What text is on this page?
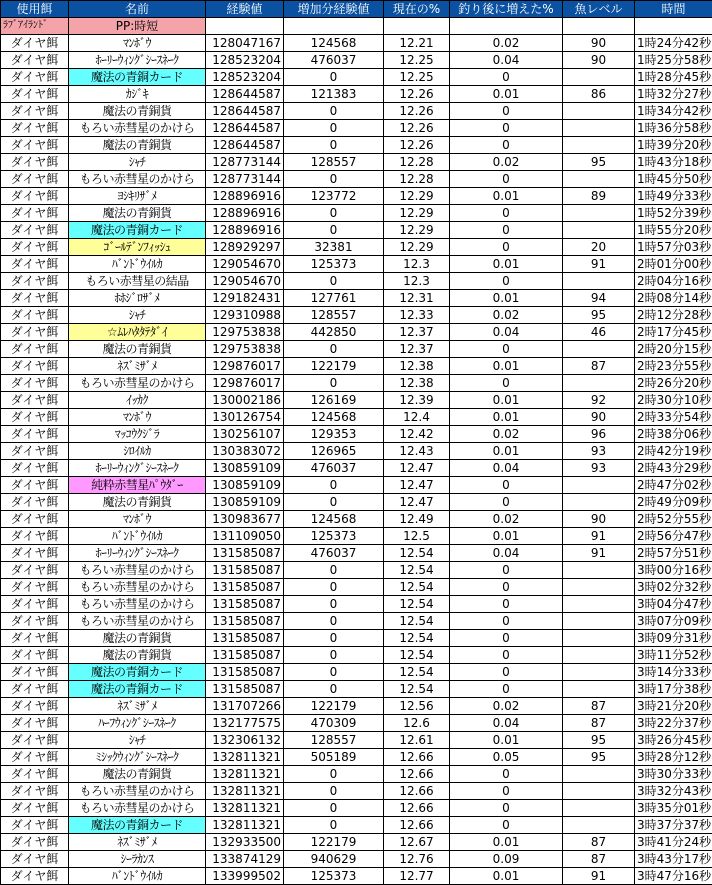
使用餌	名前	経験値	増加分経験値	現在の%	釣り後に増えた%	魚レベル	時間
ﾗﾌﾞｱｲﾗﾝﾄﾞ	PP:時短						
ダイヤ餌	ﾏﾝﾎﾞｳ	128047167	124568	12.21	0.02	90	1時24分42秒
ダイヤ餌	ﾎｰﾘｰｳｨﾝｸﾞｼｰｽﾈｰｸ	128523204	476037	12.25	0.04	90	1時25分58秒
ダイヤ餌	魔法の青銅カード	128523204	0	12.25	0		1時28分45秒
ダイヤ餌	ｶｼﾞｷ	128644587	121383	12.26	0.01	86	1時32分27秒
ダイヤ餌	魔法の青銅貨	128644587	0	12.26	0		1時34分42秒
ダイヤ餌	もろい赤彗星のかけら	128644587	0	12.26	0		1時36分58秒
ダイヤ餌	魔法の青銅貨	128644587	0	12.26	0		1時39分20秒
ダイヤ餌	ｼｬﾁ	128773144	128557	12.28	0.02	95	1時43分18秒
ダイヤ餌	もろい赤彗星のかけら	128773144	0	12.28	0		1時45分50秒
ダイヤ餌	ﾖｼｷﾘｻﾞﾒ	128896916	123772	12.29	0.01	89	1時49分33秒
ダイヤ餌	魔法の青銅貨	128896916	0	12.29	0		1時52分39秒
ダイヤ餌	魔法の青銅カード	128896916	0	12.29	0		1時55分20秒
ダイヤ餌	ｺﾞｰﾙﾃﾞﾝﾌｨｯｼｭ	128929297	32381	12.29	0	20	1時57分03秒
ダイヤ餌	ﾊﾞﾝﾄﾞｳｲﾙｶ	129054670	125373	12.3	0.01	91	2時01分00秒
ダイヤ餌	もろい赤彗星の結晶	129054670	0	12.3	0		2時04分16秒
ダイヤ餌	ﾎﾎｼﾞﾛｻﾞﾒ	129182431	127761	12.31	0.01	94	2時08分14秒
ダイヤ餌	ｼｬﾁ	129310988	128557	12.33	0.02	95	2時12分28秒
ダイヤ餌	☆ﾑﾚﾊﾀﾀﾃﾀﾞｲ	129753838	442850	12.37	0.04	46	2時17分45秒
ダイヤ餌	魔法の青銅貨	129753838	0	12.37	0		2時20分15秒
ダイヤ餌	ﾈｽﾞﾐｻﾞﾒ	129876017	122179	12.38	0.01	87	2時23分55秒
ダイヤ餌	もろい赤彗星のかけら	129876017	0	12.38	0		2時26分20秒
ダイヤ餌	ｲｯｶｸ	130002186	126169	12.39	0.01	92	2時30分10秒
ダイヤ餌	ﾏﾝﾎﾞｳ	130126754	124568	12.4	0.01	90	2時33分54秒
ダイヤ餌	ﾏｯｺｳｸｼﾞﾗ	130256107	129353	12.42	0.02	96	2時38分06秒
ダイヤ餌	ｼﾛｲﾙｶ	130383072	126965	12.43	0.01	93	2時42分19秒
ダイヤ餌	ﾎｰﾘｰｳｨﾝｸﾞｼｰｽﾈｰｸ	130859109	476037	12.47	0.04	93	2時43分29秒
ダイヤ餌	純粋赤彗星ﾊﾟｳﾀﾞｰ	130859109	0	12.47	0		2時47分02秒
ダイヤ餌	魔法の青銅貨	130859109	0	12.47	0		2時49分09秒
ダイヤ餌	ﾏﾝﾎﾞｳ	130983677	124568	12.49	0.02	90	2時52分55秒
ダイヤ餌	ﾊﾞﾝﾄﾞｳｲﾙｶ	131109050	125373	12.5	0.01	91	2時56分47秒
ダイヤ餌	ﾎｰﾘｰｳｨﾝｸﾞｼｰｽﾈｰｸ	131585087	476037	12.54	0.04	91	2時57分51秒
ダイヤ餌	もろい赤彗星のかけら	131585087	0	12.54	0		3時00分16秒
ダイヤ餌	もろい赤彗星のかけら	131585087	0	12.54	0		3時02分32秒
ダイヤ餌	もろい赤彗星のかけら	131585087	0	12.54	0		3時04分47秒
ダイヤ餌	もろい赤彗星のかけら	131585087	0	12.54	0		3時07分09秒
ダイヤ餌	魔法の青銅貨	131585087	0	12.54	0		3時09分31秒
ダイヤ餌	魔法の青銅貨	131585087	0	12.54	0		3時11分52秒
ダイヤ餌	魔法の青銅カード	131585087	0	12.54	0		3時14分33秒
ダイヤ餌	魔法の青銅カード	131585087	0	12.54	0		3時17分38秒
ダイヤ餌	ﾈｽﾞﾐｻﾞﾒ	131707266	122179	12.56	0.02	87	3時21分20秒
ダイヤ餌	ﾊｰﾌｳｨﾝｸﾞｼｰｽﾈｰｸ	132177575	470309	12.6	0.04	87	3時22分37秒
ダイヤ餌	ｼｬﾁ	132306132	128557	12.61	0.01	95	3時26分45秒
ダイヤ餌	ﾐｼｯｸｳｨﾝｸﾞｼｰｽﾈｰｸ	132811321	505189	12.66	0.05	95	3時28分12秒
ダイヤ餌	魔法の青銅貨	132811321	0	12.66	0		3時30分33秒
ダイヤ餌	もろい赤彗星のかけら	132811321	0	12.66	0		3時32分43秒
ダイヤ餌	もろい赤彗星のかけら	132811321	0	12.66	0		3時35分01秒
ダイヤ餌	魔法の青銅カード	132811321	0	12.66	0		3時37分37秒
ダイヤ餌	ﾈｽﾞﾐｻﾞﾒ	132933500	122179	12.67	0.01	87	3時41分24秒
ダイヤ餌	ｼｰﾗｶﾝｽ	133874129	940629	12.76	0.09	87	3時43分17秒
ダイヤ餌	ﾊﾞﾝﾄﾞｳｲﾙｶ	133999502	125373	12.77	0.01	91	3時47分16秒
